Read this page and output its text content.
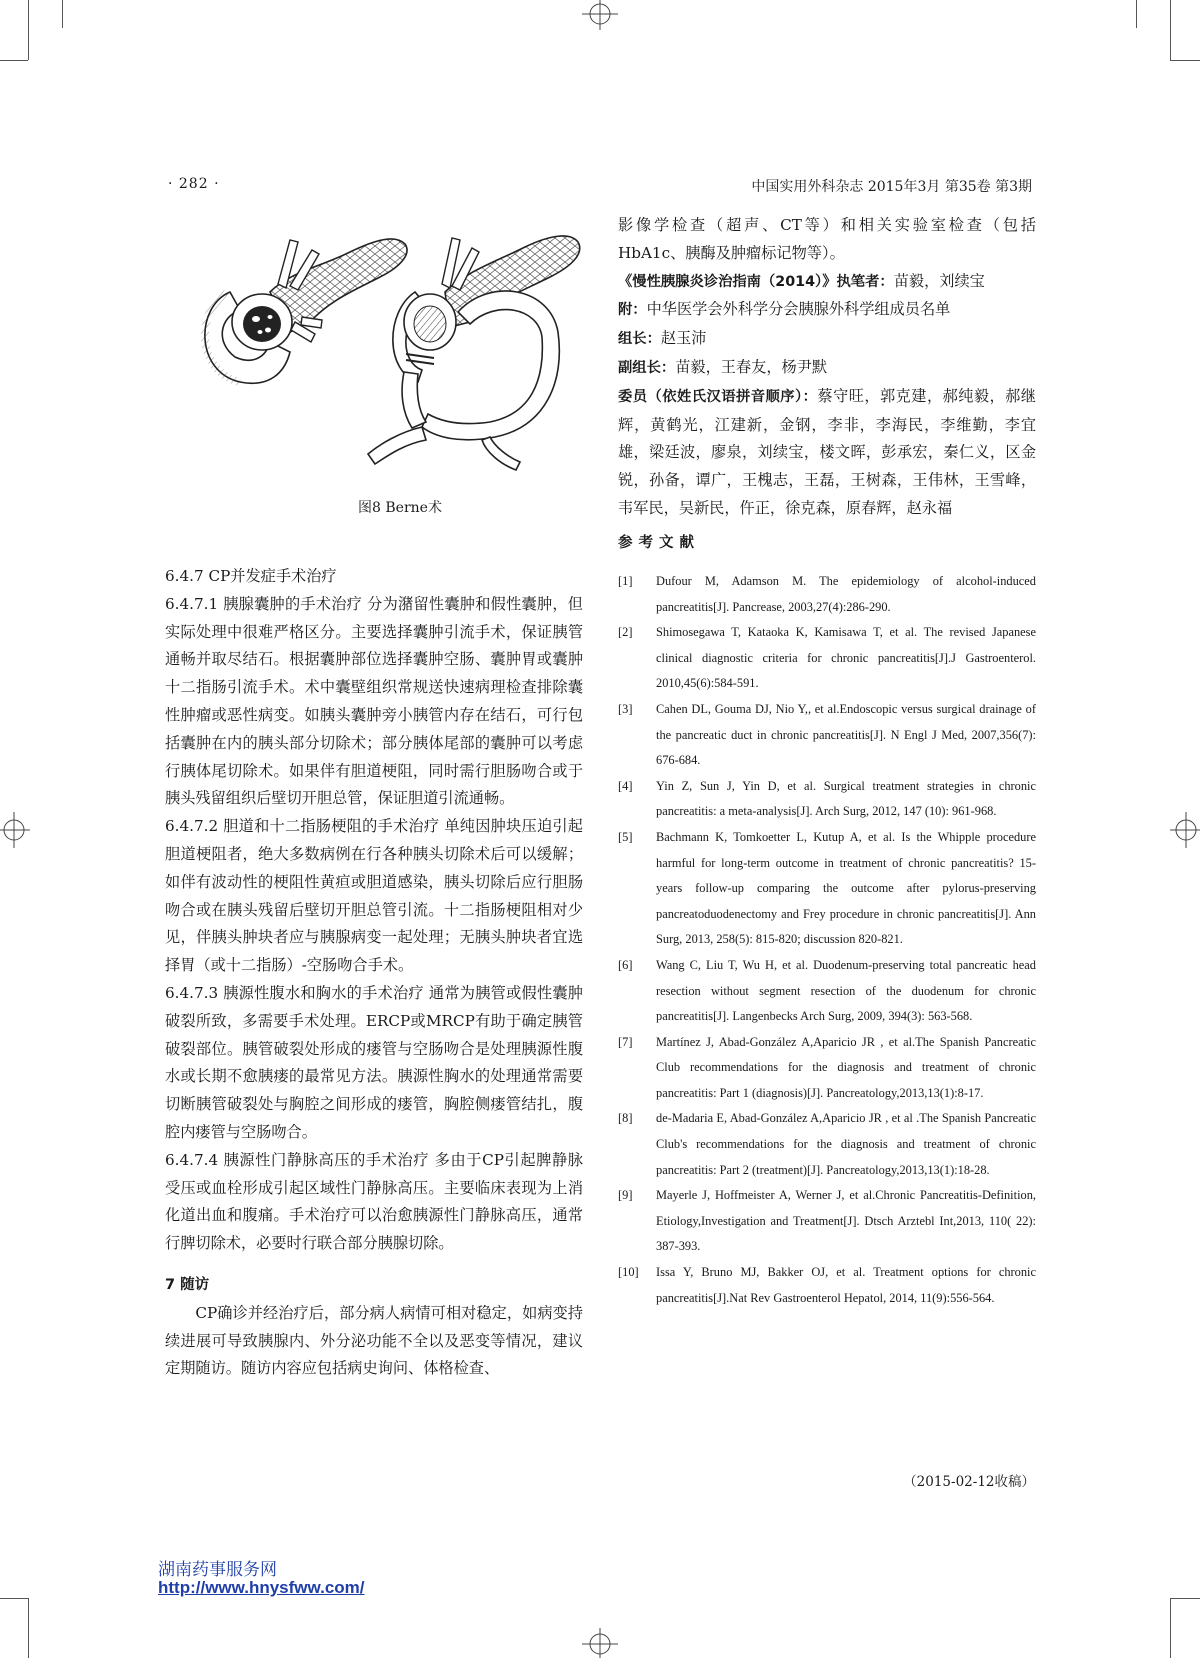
· 282 ·	中国实用外科杂志 2015年3月 第35卷 第3期
图8 Berne术

6.4.7 CP并发症手术治疗

6.4.7.1 胰腺囊肿的手术治疗 分为潴留性囊肿和假性囊肿，但实际处理中很难严格区分。主要选择囊肿引流手术，保证胰管通畅并取尽结石。根据囊肿部位选择囊肿空肠、囊肿胃或囊肿十二指肠引流手术。术中囊壁组织常规送快速病理检查排除囊性肿瘤或恶性病变。如胰头囊肿旁小胰管内存在结石，可行包括囊肿在内的胰头部分切除术；部分胰体尾部的囊肿可以考虑行胰体尾切除术。如果伴有胆道梗阻，同时需行胆肠吻合或于胰头残留组织后壁切开胆总管，保证胆道引流通畅。

6.4.7.2 胆道和十二指肠梗阻的手术治疗 单纯因肿块压迫引起胆道梗阻者，绝大多数病例在行各种胰头切除术后可以缓解；如伴有波动性的梗阻性黄疸或胆道感染，胰头切除后应行胆肠吻合或在胰头残留后壁切开胆总管引流。十二指肠梗阻相对少见，伴胰头肿块者应与胰腺病变一起处理；无胰头肿块者宜选择胃（或十二指肠）-空肠吻合手术。

6.4.7.3 胰源性腹水和胸水的手术治疗 通常为胰管或假性囊肿破裂所致，多需要手术处理。ERCP或MRCP有助于确定胰管破裂部位。胰管破裂处形成的瘘管与空肠吻合是处理胰源性腹水或长期不愈胰瘘的最常见方法。胰源性胸水的处理通常需要切断胰管破裂处与胸腔之间形成的瘘管，胸腔侧瘘管结扎，腹腔内瘘管与空肠吻合。

6.4.7.4 胰源性门静脉高压的手术治疗 多由于CP引起脾静脉受压或血栓形成引起区域性门静脉高压。主要临床表现为上消化道出血和腹痛。手术治疗可以治愈胰源性门静脉高压，通常行脾切除术，必要时行联合部分胰腺切除。

7 随访

CP确诊并经治疗后，部分病人病情可相对稳定，如病变持续进展可导致胰腺内、外分泌功能不全以及恶变等情况，建议定期随访。随访内容应包括病史询问、体格检查、

影像学检查（超声、CT等）和相关实验室检查（包括HbA1c、胰酶及肿瘤标记物等）。

《慢性胰腺炎诊治指南（2014）》执笔者：苗毅，刘续宝

附：中华医学会外科学分会胰腺外科学组成员名单

组长：赵玉沛

副组长：苗毅，王春友，杨尹默

委员（依姓氏汉语拼音顺序）：蔡守旺，郭克建，郝纯毅，郝继辉，黄鹤光，江建新，金钢，李非，李海民，李维勤，李宜雄，梁廷波，廖泉，刘续宝，楼文晖，彭承宏，秦仁义，区金锐，孙备，谭广，王槐志，王磊，王树森，王伟林，王雪峰，韦军民，吴新民，仵正，徐克森，原春辉，赵永福

参考文献
[1] Dufour M, Adamson M. The epidemiology of alcohol-induced pancreatitis[J]. Pancrease, 2003,27(4):286-290.
[2] Shimosegawa T, Kataoka K, Kamisawa T, et al. The revised Japanese clinical diagnostic criteria for chronic pancreatitis[J].J Gastroenterol. 2010,45(6):584-591.
[3] Cahen DL, Gouma DJ, Nio Y,, et al.Endoscopic versus surgical drainage of the pancreatic duct in chronic pancreatitis[J]. N Engl J Med, 2007,356(7): 676-684.
[4] Yin Z, Sun J, Yin D, et al. Surgical treatment strategies in chronic pancreatitis: a meta-analysis[J]. Arch Surg, 2012, 147 (10): 961-968.
[5] Bachmann K, Tomkoetter L, Kutup A, et al. Is the Whipple procedure harmful for long-term outcome in treatment of chronic pancreatitis? 15-years follow-up comparing the outcome after pylorus-preserving pancreatoduodenectomy and Frey procedure in chronic pancreatitis[J]. Ann Surg, 2013, 258(5): 815-820; discussion 820-821.
[6] Wang C, Liu T, Wu H, et al. Duodenum-preserving total pancreatic head resection without segment resection of the duodenum for chronic pancreatitis[J]. Langenbecks Arch Surg, 2009, 394(3): 563-568.
[7] Martínez J, Abad-González A,Aparicio JR , et al.The Spanish Pancreatic Club recommendations for the diagnosis and treatment of chronic pancreatitis: Part 1 (diagnosis)[J]. Pancreatology,2013,13(1):8-17.
[8] de-Madaria E, Abad-González A,Aparicio JR , et al .The Spanish Pancreatic Club's recommendations for the diagnosis and treatment of chronic pancreatitis: Part 2 (treatment)[J]. Pancreatology,2013,13(1):18-28.
[9] Mayerle J, Hoffmeister A, Werner J, et al.Chronic Pancreatitis-Definition, Etiology,Investigation and Treatment[J]. Dtsch Arztebl Int,2013, 110( 22): 387-393.
[10] Issa Y, Bruno MJ, Bakker OJ, et al. Treatment options for chronic pancreatitis[J].Nat Rev Gastroenterol Hepatol, 2014, 11(9):556-564.
（2015-02-12收稿）
湖南药事服务网
http://www.hnysfww.com/
